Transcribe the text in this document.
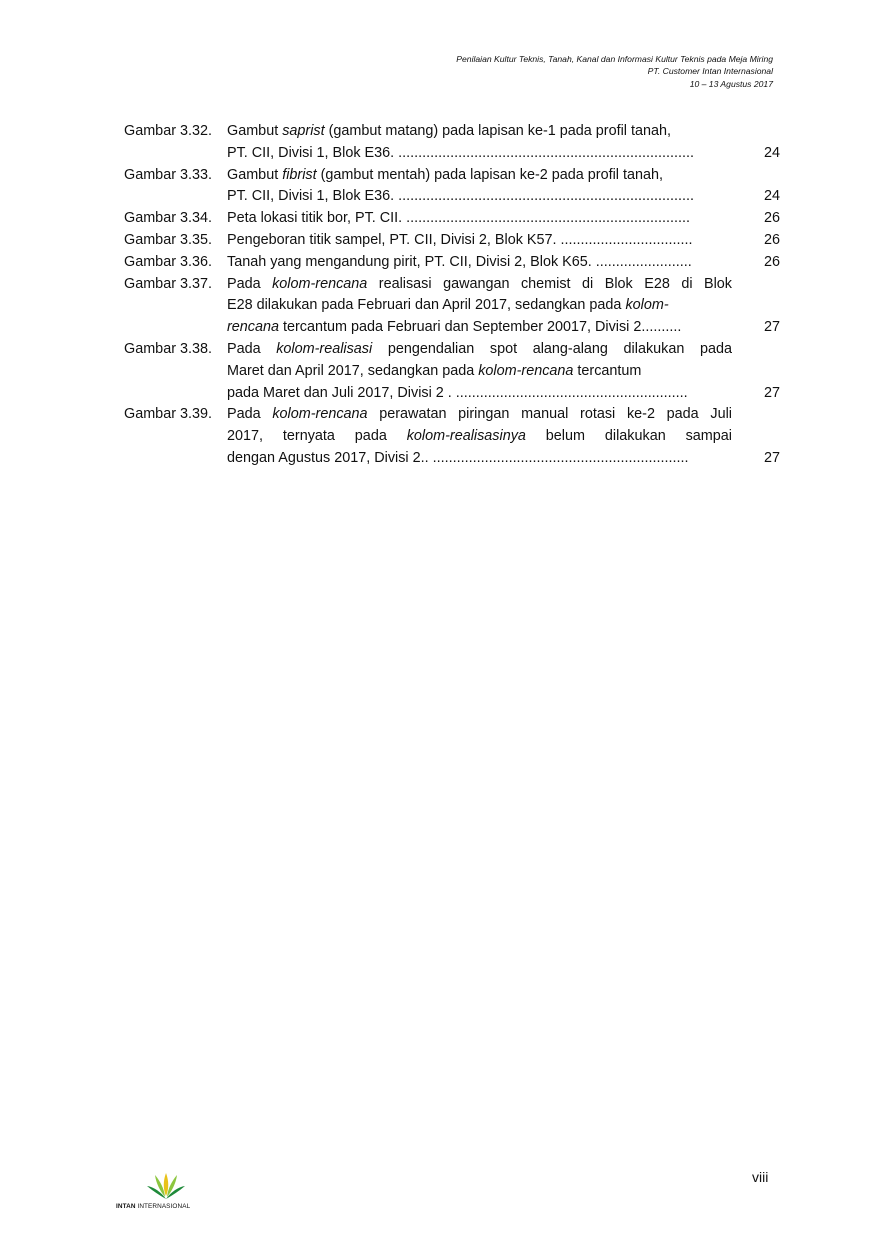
Penilaian Kultur Teknis, Tanah, Kanal dan Informasi Kultur Teknis pada Meja Miring
PT. Customer Intan Internasional
10 – 13 Agustus 2017
Gambar 3.32.	Gambut saprist (gambut matang) pada lapisan ke-1 pada profil tanah,
PT. CII, Divisi 1, Blok E36. ..........................................................................	24
Gambar 3.33.	Gambut fibrist (gambut mentah) pada lapisan ke-2 pada profil tanah,
PT. CII, Divisi 1, Blok E36. ..........................................................................	24
Gambar 3.34.	Peta lokasi titik bor, PT. CII. .......................................................................	26
Gambar 3.35.	Pengeboran titik sampel, PT. CII, Divisi 2, Blok K57. .................................	26
Gambar 3.36.	Tanah yang mengandung pirit, PT. CII, Divisi 2, Blok K65. ........................	26
Gambar 3.37.	Pada kolom-rencana realisasi gawangan chemist di Blok E28 di Blok
E28 dilakukan pada Februari dan April 2017, sedangkan pada kolom-
rencana tercantum pada Februari dan September 20017, Divisi 2..........	27
Gambar 3.38.	Pada kolom-realisasi pengendalian spot alang-alang dilakukan pada
Maret dan April 2017, sedangkan pada kolom-rencana tercantum
pada Maret dan Juli 2017, Divisi 2 . ..........................................................	27
Gambar 3.39.	Pada kolom-rencana perawatan piringan manual rotasi ke-2 pada Juli
2017, ternyata pada kolom-realisasinya belum dilakukan sampai
dengan Agustus 2017, Divisi 2.. ................................................................	27
viii
INTAN INTERNASIONAL
